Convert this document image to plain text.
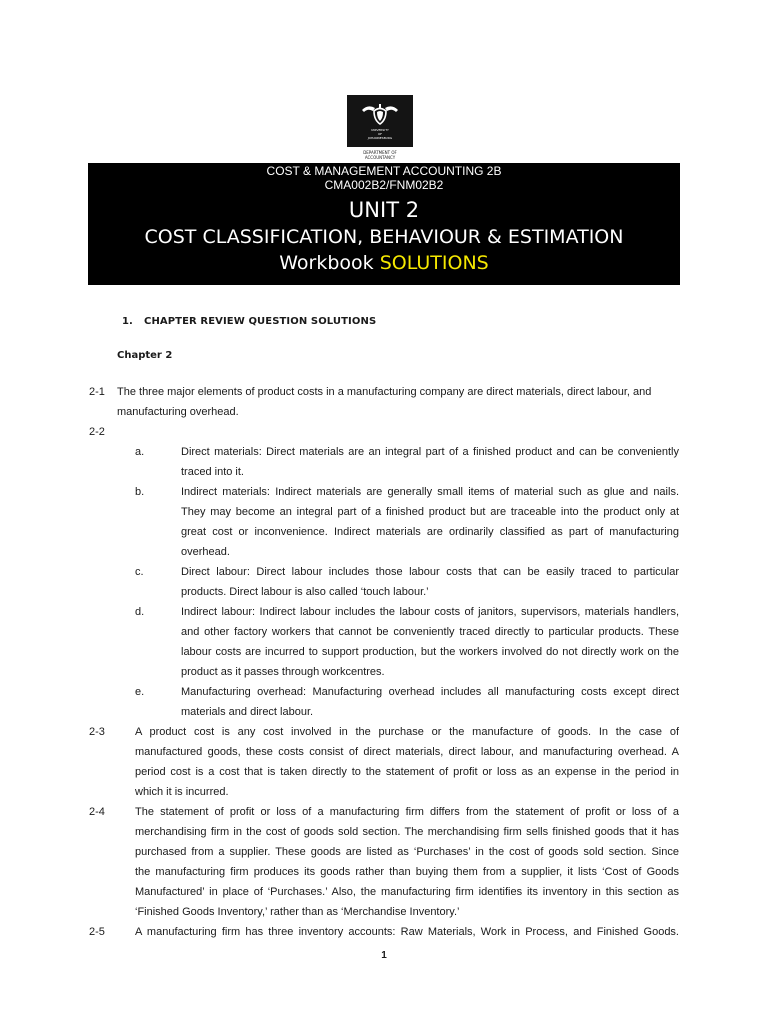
UNIVERSITY
OF
JOHANNESBURG
DEPARTMENT OF
ACCOUNTANCY
COST & MANAGEMENT ACCOUNTING 2B
CMA002B2/FNM02B2
UNIT 2
COST CLASSIFICATION, BEHAVIOUR & ESTIMATION
Workbook SOLUTIONS
1. CHAPTER REVIEW QUESTION SOLUTIONS
Chapter 2
2-1 The three major elements of product costs in a manufacturing company are direct materials, direct labour, and
manufacturing overhead.
2-2
a.	Direct materials: Direct materials are an integral part of a finished product and can be conveniently
traced into it.
b.	Indirect materials: Indirect materials are generally small items of material such as glue and nails.
They may become an integral part of a finished product but are traceable into the product only at
great cost or inconvenience. Indirect materials are ordinarily classified as part of manufacturing
overhead.
c.	Direct labour: Direct labour includes those labour costs that can be easily traced to particular
products. Direct labour is also called ‘touch labour.’
d.	Indirect labour: Indirect labour includes the labour costs of janitors, supervisors, materials handlers,
and other factory workers that cannot be conveniently traced directly to particular products. These
labour costs are incurred to support production, but the workers involved do not directly work on the
product as it passes through workcentres.
e.	Manufacturing overhead: Manufacturing overhead includes all manufacturing costs except direct
materials and direct labour.
2-3	A product cost is any cost involved in the purchase or the manufacture of goods. In the case of
manufactured goods, these costs consist of direct materials, direct labour, and manufacturing overhead. A
period cost is a cost that is taken directly to the statement of profit or loss as an expense in the period in
which it is incurred.
2-4	The statement of profit or loss of a manufacturing firm differs from the statement of profit or loss of a
merchandising firm in the cost of goods sold section. The merchandising firm sells finished goods that it has
purchased from a supplier. These goods are listed as ‘Purchases’ in the cost of goods sold section. Since
the manufacturing firm produces its goods rather than buying them from a supplier, it lists ‘Cost of Goods
Manufactured’ in place of ‘Purchases.’ Also, the manufacturing firm identifies its inventory in this section as
‘Finished Goods Inventory,’ rather than as ‘Merchandise Inventory.’
2-5	A manufacturing firm has three inventory accounts: Raw Materials, Work in Process, and Finished Goods.
1
